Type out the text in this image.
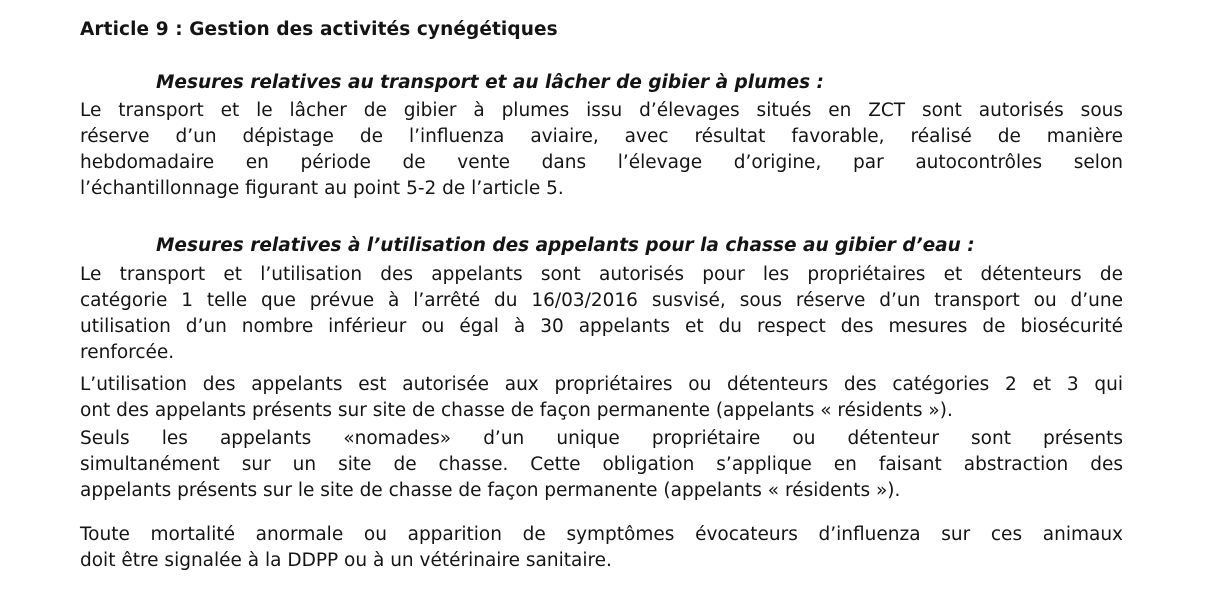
Article 9 : Gestion des activités cynégétiques
Mesures relatives au transport et au lâcher de gibier à plumes :
Le transport et le lâcher de gibier à plumes issu d’élevages situés en ZCT sont autorisés sous
réserve d’un dépistage de l’influenza aviaire, avec résultat favorable, réalisé de manière
hebdomadaire en période de vente dans l’élevage d’origine, par autocontrôles selon
l’échantillonnage figurant au point 5-2 de l’article 5.
Mesures relatives à l’utilisation des appelants pour la chasse au gibier d’eau :
Le transport et l’utilisation des appelants sont autorisés pour les propriétaires et détenteurs de
catégorie 1 telle que prévue à l’arrêté du 16/03/2016 susvisé, sous réserve d’un transport ou d’une
utilisation d’un nombre inférieur ou égal à 30 appelants et du respect des mesures de biosécurité
renforcée.
L’utilisation des appelants est autorisée aux propriétaires ou détenteurs des catégories 2 et 3 qui
ont des appelants présents sur site de chasse de façon permanente (appelants « résidents »).
Seuls les appelants «nomades» d’un unique propriétaire ou détenteur sont présents
simultanément sur un site de chasse. Cette obligation s’applique en faisant abstraction des
appelants présents sur le site de chasse de façon permanente (appelants « résidents »).
Toute mortalité anormale ou apparition de symptômes évocateurs d’influenza sur ces animaux
doit être signalée à la DDPP ou à un vétérinaire sanitaire.
